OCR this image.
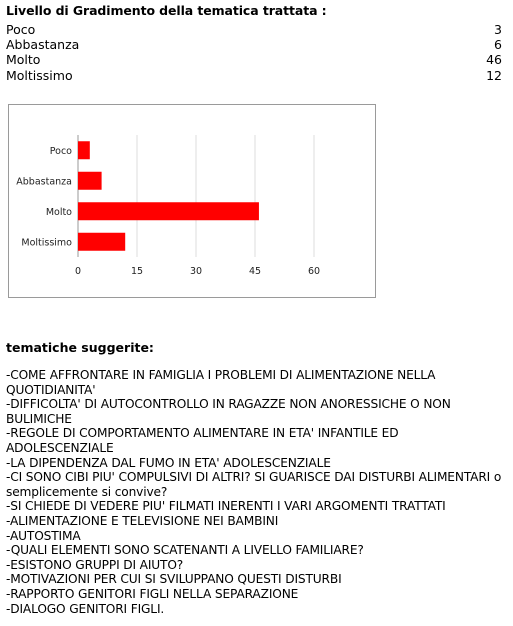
Livello di Gradimento della tematica trattata :
Poco	3
Abbastanza	6
Molto	46
Moltissimo	12
Poco
Abbastanza
Molto
Moltissimo
0	15	30	45	60
tematiche suggerite:

-COME AFFRONTARE IN FAMIGLIA I PROBLEMI DI ALIMENTAZIONE NELLA QUOTIDIANITA'

-DIFFICOLTA' DI AUTOCONTROLLO IN RAGAZZE NON ANORESSICHE O NON BULIMICHE

-REGOLE DI COMPORTAMENTO ALIMENTARE IN ETA' INFANTILE ED ADOLESCENZIALE

-LA DIPENDENZA DAL FUMO IN ETA' ADOLESCENZIALE

-CI SONO CIBI PIU' COMPULSIVI DI ALTRI? SI GUARISCE DAI DISTURBI ALIMENTARI o semplicemente si convive?

-SI CHIEDE DI VEDERE PIU' FILMATI INERENTI I VARI ARGOMENTI TRATTATI

-ALIMENTAZIONE E TELEVISIONE NEI BAMBINI

-AUTOSTIMA

-QUALI ELEMENTI SONO SCATENANTI A LIVELLO FAMILIARE?

-ESISTONO GRUPPI DI AIUTO?

-MOTIVAZIONI PER CUI SI SVILUPPANO QUESTI DISTURBI

-RAPPORTO GENITORI FIGLI NELLA SEPARAZIONE

-DIALOGO GENITORI FIGLI.
